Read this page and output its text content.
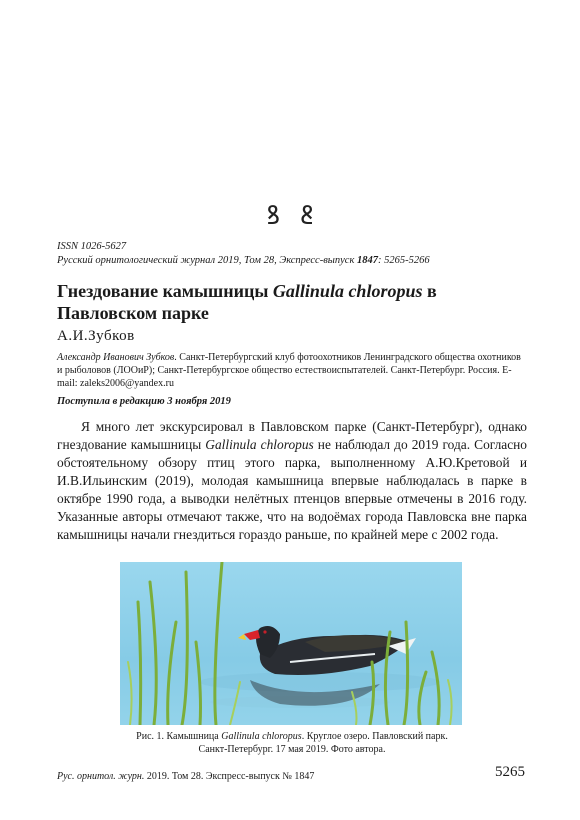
ꝸꝸ
ISSN 1026-5627
Русский орнитологический журнал 2019, Том 28, Экспресс-выпуск 1847: 5265-5266
Гнездование камышницы Gallinula chloropus в Павловском парке
А.И.Зубков
Александр Иванович Зубков. Санкт-Петербургский клуб фотоохотников Ленинградского общества охотников и рыболовов (ЛООиР); Санкт-Петербургское общество естествоиспытателей. Санкт-Петербург. Россия. E-mail: zaleks2006@yandex.ru
Поступила в редакцию 3 ноября 2019

Я много лет экскурсировал в Павловском парке (Санкт-Петербург), однако гнездование камышницы Gallinula chloropus не наблюдал до 2019 года. Согласно обстоятельному обзору птиц этого парка, выполненному А.Ю.Кретовой и И.В.Ильинским (2019), молодая камышница впервые наблюдалась в парке в октябре 1990 года, а выводки нелётных птенцов впервые отмечены в 2016 году. Указанные авторы отмечают также, что на водоёмах города Павловска вне парка камышницы начали гнездиться гораздо раньше, по крайней мере с 2002 года.

Рис. 1. Камышница Gallinula chloropus. Круглое озеро. Павловский парк.
Санкт-Петербург. 17 мая 2019. Фото автора.
Рус. орнитол. журн. 2019. Том 28. Экспресс-выпуск № 1847	5265
